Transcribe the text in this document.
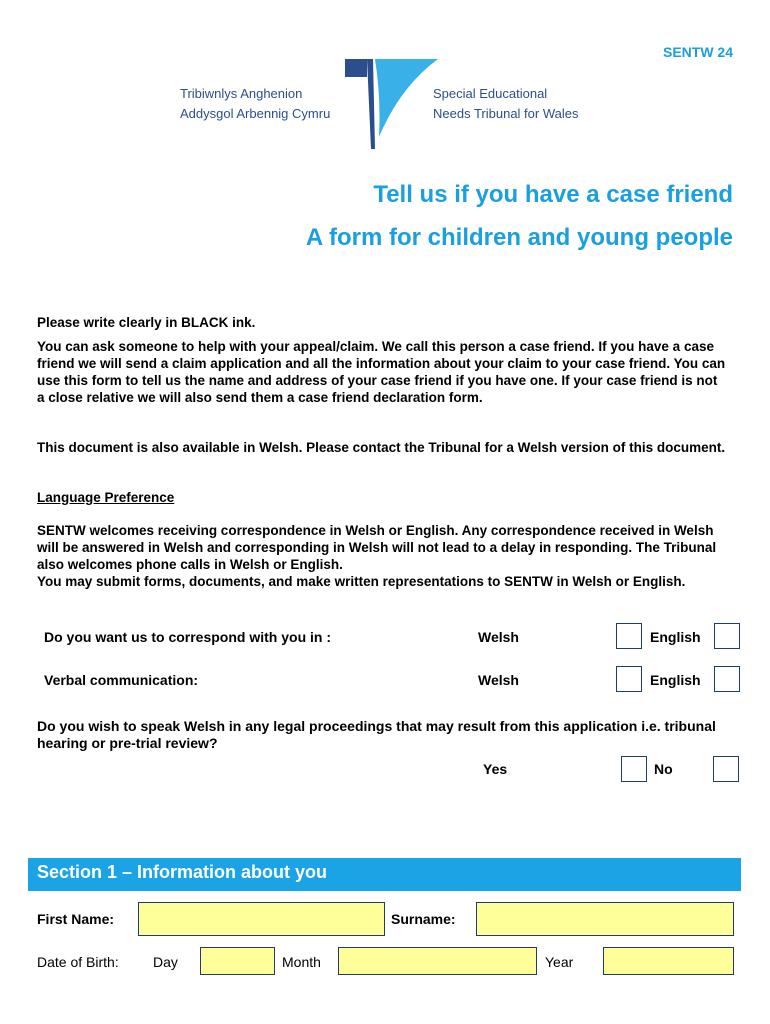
SENTW 24
Tribiwnlys Anghenion
Addysgol Arbennig Cymru
Special Educational
Needs Tribunal for Wales
Tell us if you have a case friend
A form for children and young people
Please write clearly in BLACK ink.
You can ask someone to help with your appeal/claim. We call this person a case friend. If you have a case friend we will send a claim application and all the information about your claim to your case friend. You can use this form to tell us the name and address of your case friend if you have one. If your case friend is not a close relative we will also send them a case friend declaration form.
This document is also available in Welsh. Please contact the Tribunal for a Welsh version of this document.
Language Preference
SENTW welcomes receiving correspondence in Welsh or English. Any correspondence received in Welsh will be answered in Welsh and corresponding in Welsh will not lead to a delay in responding. The Tribunal also welcomes phone calls in Welsh or English.
You may submit forms, documents, and make written representations to SENTW in Welsh or English.
Do you want us to correspond with you in :	Welsh	English
Verbal communication:	Welsh	English
Do you wish to speak Welsh in any legal proceedings that may result from this application i.e. tribunal hearing or pre-trial review?
Yes	No
Section 1 – Information about you
First Name:	Surname:
Date of Birth: Day	Month	Year
